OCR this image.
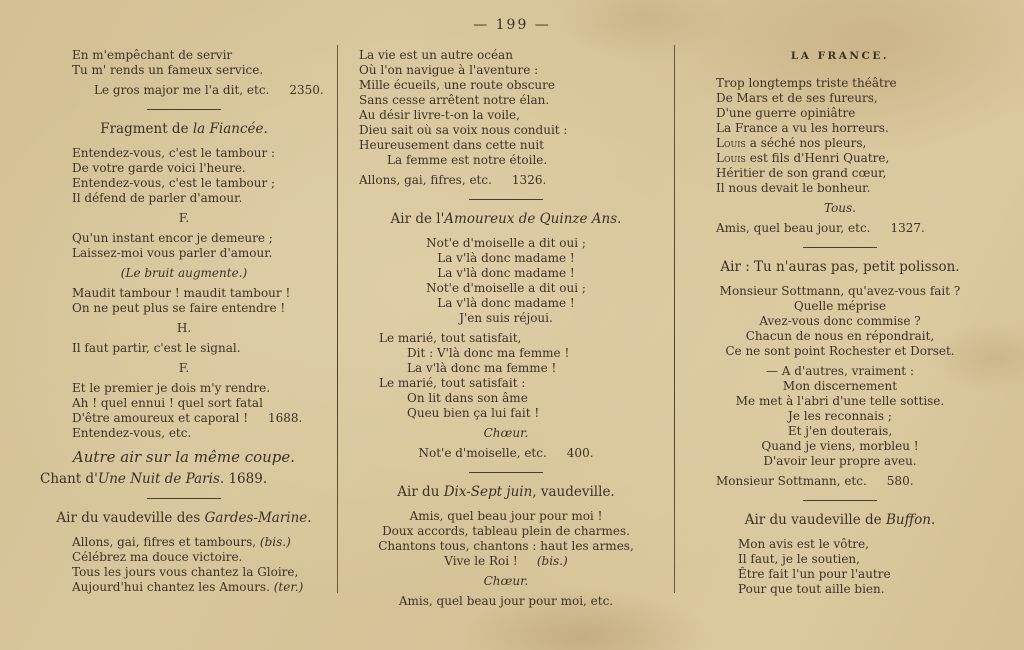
— 199 —
En m'empêchant de servir
Tu m' rends un fameux service.
Le gros major me l'a dit, etc. 2350.
Fragment de la Fiancée.
Entendez-vous, c'est le tambour :
De votre garde voici l'heure.
Entendez-vous, c'est le tambour ;
Il défend de parler d'amour.
F.
Qu'un instant encor je demeure ;
Laissez-moi vous parler d'amour.
(Le bruit augmente.)
Maudit tambour ! maudit tambour !
On ne peut plus se faire entendre !
H.
Il faut partir, c'est le signal.
F.
Et le premier je dois m'y rendre.
Ah ! quel ennui ! quel sort fatal
D'être amoureux et caporal ! 1688.
Entendez-vous, etc.
Autre air sur la même coupe.
Chant d'Une Nuit de Paris. 1689.
Air du vaudeville des Gardes-Marine.
Allons, gai, fifres et tambours, (bis.)
Célébrez ma douce victoire.
Tous les jours vous chantez la Gloire,
Aujourd'hui chantez les Amours. (ter.)
La vie est un autre océan
Où l'on navigue à l'aventure :
Mille écueils, une route obscure
Sans cesse arrêtent notre élan.
Au désir livre-t-on la voile,
Dieu sait où sa voix nous conduit :
Heureusement dans cette nuit
La femme est notre étoile.
Allons, gai, fifres, etc. 1326.
Air de l'Amoureux de Quinze Ans.
Not'e d'moiselle a dit oui ;
La v'là donc madame !
La v'là donc madame !
Not'e d'moiselle a dit oui ;
La v'là donc madame !
J'en suis réjoui.
Le marié, tout satisfait,
Dit : V'là donc ma femme !
La v'là donc ma femme !
Le marié, tout satisfait :
On lit dans son âme
Queu bien ça lui fait !
Chœur.
Not'e d'moiselle, etc. 400.
Air du Dix-Sept juin, vaudeville.
Amis, quel beau jour pour moi !
Doux accords, tableau plein de charmes.
Chantons tous, chantons : haut les armes,
Vive le Roi !     (bis.)
Chœur.
Amis, quel beau jour pour moi, etc.
LA FRANCE.
Trop longtemps triste théâtre
De Mars et de ses fureurs,
D'une guerre opiniâtre
La France a vu les horreurs.
Louis a séché nos pleurs,
Louis est fils d'Henri Quatre,
Héritier de son grand cœur,
Il nous devait le bonheur.
Tous.
Amis, quel beau jour, etc. 1327.
Air : Tu n'auras pas, petit polisson.
Monsieur Sottmann, qu'avez-vous fait ?
Quelle méprise
Avez-vous donc commise ?
Chacun de nous en répondrait,
Ce ne sont point Rochester et Dorset.
— A d'autres, vraiment :
Mon discernement
Me met à l'abri d'une telle sottise.
Je les reconnais ;
Et j'en douterais,
Quand je viens, morbleu !
D'avoir leur propre aveu.
Monsieur Sottmann, etc. 580.
Air du vaudeville de Buffon.
Mon avis est le vôtre,
Il faut, je le soutien,
Être fait l'un pour l'autre
Pour que tout aille bien.
